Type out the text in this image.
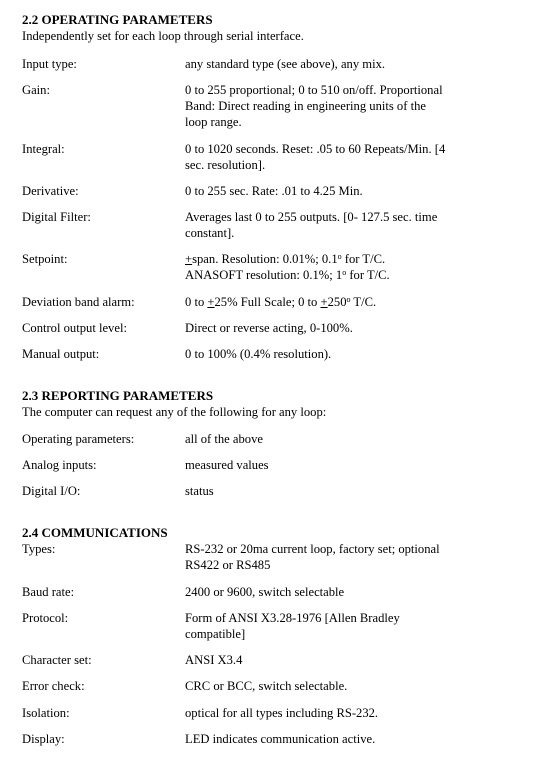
2.2 OPERATING PARAMETERS
Independently set for each loop through serial interface.
Input type:	any standard type (see above), any mix.
Gain:	0 to 255 proportional; 0 to 510 on/off. Proportional
Band: Direct reading in engineering units of the
loop range.
Integral:	0 to 1020 seconds. Reset: .05 to 60 Repeats/Min. [4
sec. resolution].
Derivative:	0 to 255 sec. Rate: .01 to 4.25 Min.
Digital Filter:	Averages last 0 to 255 outputs. [0- 127.5 sec. time
constant].
Setpoint:	+span. Resolution: 0.01%; 0.1$^o$ for T/C.
ANASOFT resolution: 0.1%; 1$^o$ for T/C.
Deviation band alarm:	0 to +25% Full Scale; 0 to $+250^o$ T/C.
Control output level:	Direct or reverse acting, 0-100%.
Manual output:	0 to 100% (0.4% resolution).
2.3 REPORTING PARAMETERS
The computer can request any of the following for any loop:
Operating parameters:	all of the above
Analog inputs:	measured values
Digital I/O:	status
2.4 COMMUNICATIONS
Types:	RS-232 or 20ma current loop, factory set; optional
RS422 or RS485
Baud rate:	2400 or 9600, switch selectable
Protocol:	Form of ANSI X3.28-1976 [Allen Bradley
compatible]
Character set:	ANSI X3.4
Error check:	CRC or BCC, switch selectable.
Isolation:	optical for all types including RS-232.
Display:	LED indicates communication active.
